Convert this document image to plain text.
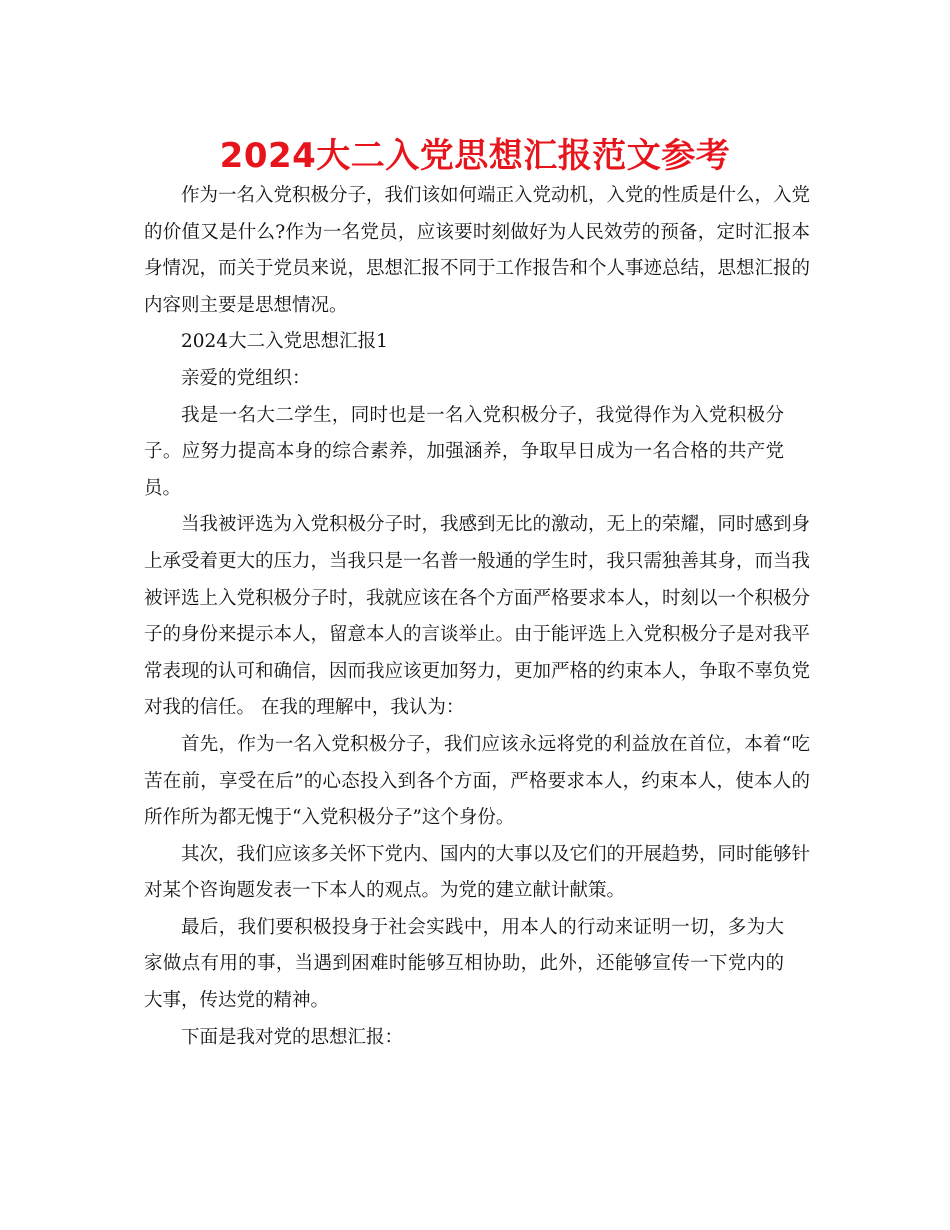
2024大二入党思想汇报范文参考

作为一名入党积极分子，我们该如何端正入党动机，入党的性质是什么，入党的价值又是什么?作为一名党员，应该要时刻做好为人民效劳的预备，定时汇报本身情况，而关于党员来说，思想汇报不同于工作报告和个人事迹总结，思想汇报的内容则主要是思想情况。

2024大二入党思想汇报1

亲爱的党组织：

我是一名大二学生，同时也是一名入党积极分子，我觉得作为入党积极分子。应努力提高本身的综合素养，加强涵养，争取早日成为一名合格的共产党员。

当我被评选为入党积极分子时，我感到无比的激动，无上的荣耀，同时感到身上承受着更大的压力，当我只是一名普一般通的学生时，我只需独善其身，而当我被评选上入党积极分子时，我就应该在各个方面严格要求本人，时刻以一个积极分子的身份来提示本人，留意本人的言谈举止。由于能评选上入党积极分子是对我平常表现的认可和确信，因而我应该更加努力，更加严格的约束本人，争取不辜负党对我的信任。 在我的理解中，我认为：

首先，作为一名入党积极分子，我们应该永远将党的利益放在首位，本着“吃苦在前，享受在后”的心态投入到各个方面，严格要求本人，约束本人，使本人的所作所为都无愧于“入党积极分子”这个身份。

其次，我们应该多关怀下党内、国内的大事以及它们的开展趋势，同时能够针对某个咨询题发表一下本人的观点。为党的建立献计献策。

最后，我们要积极投身于社会实践中，用本人的行动来证明一切，多为大家做点有用的事，当遇到困难时能够互相协助，此外，还能够宣传一下党内的大事，传达党的精神。

下面是我对党的思想汇报：
